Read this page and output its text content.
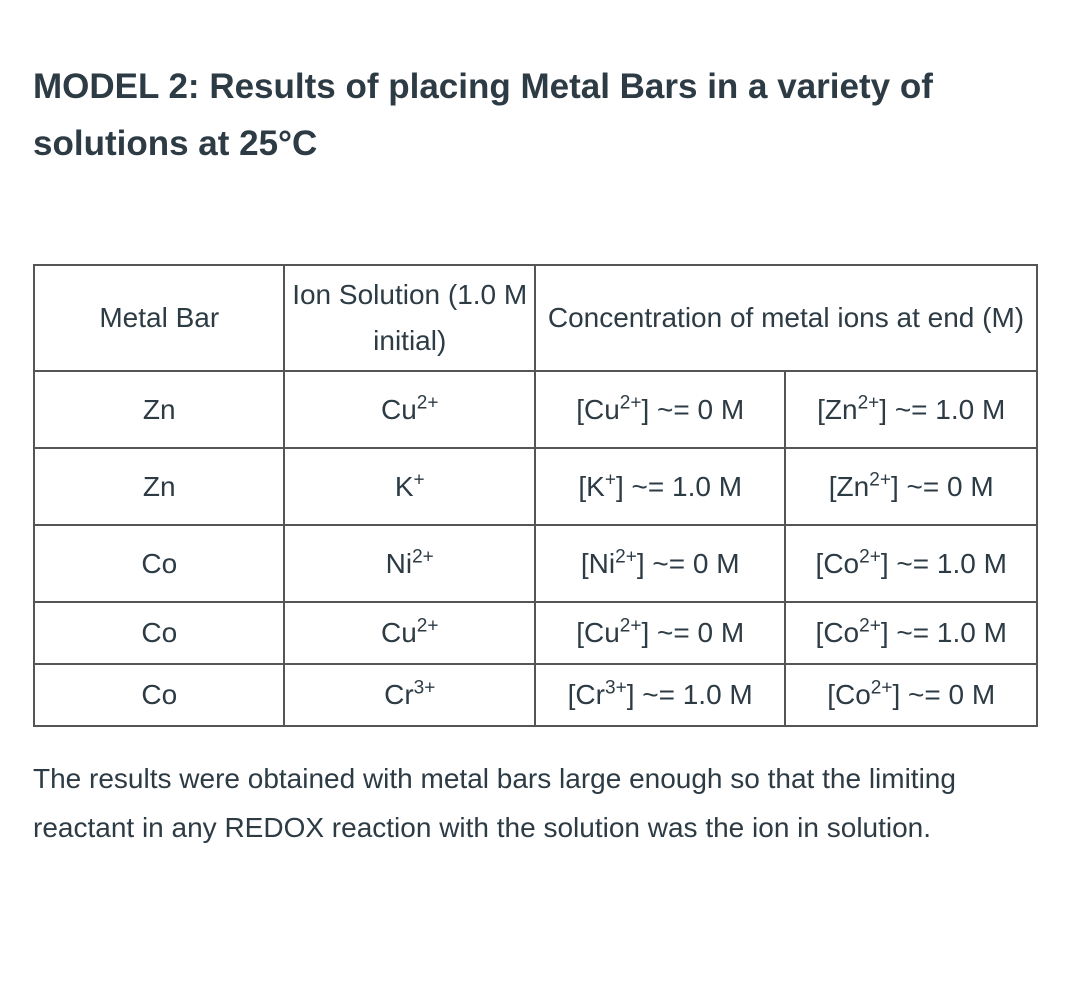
MODEL 2: Results of placing Metal Bars in a variety of solutions at 25°C
Metal Bar	Ion Solution (1.0 M initial)	Concentration of metal ions at end (M)	
Zn	$Cu^{2+}$	$[Cu^{2+}]$ ~= 0 M	$[Zn^{2+}]$ ~= 1.0 M
Zn	K+	[K+] ~= 1.0 M	$[Zn^{2+}]$ ~= 0 M
Co	$Ni^{2+}$	$[Ni^{2+}]$ ~= 0 M	$[Co^{2+}]$ ~= 1.0 M
Co	$Cu^{2+}$	$[Cu^{2+}]$ ~= 0 M	$[Co^{2+}]$ ~= 1.0 M
Co	$Cr^{3+}$	$[Cr^{3+}]$ ~= 1.0 M	$[Co^{2+}]$ ~= 0 M

The results were obtained with metal bars large enough so that the limiting reactant in any REDOX reaction with the solution was the ion in solution.
